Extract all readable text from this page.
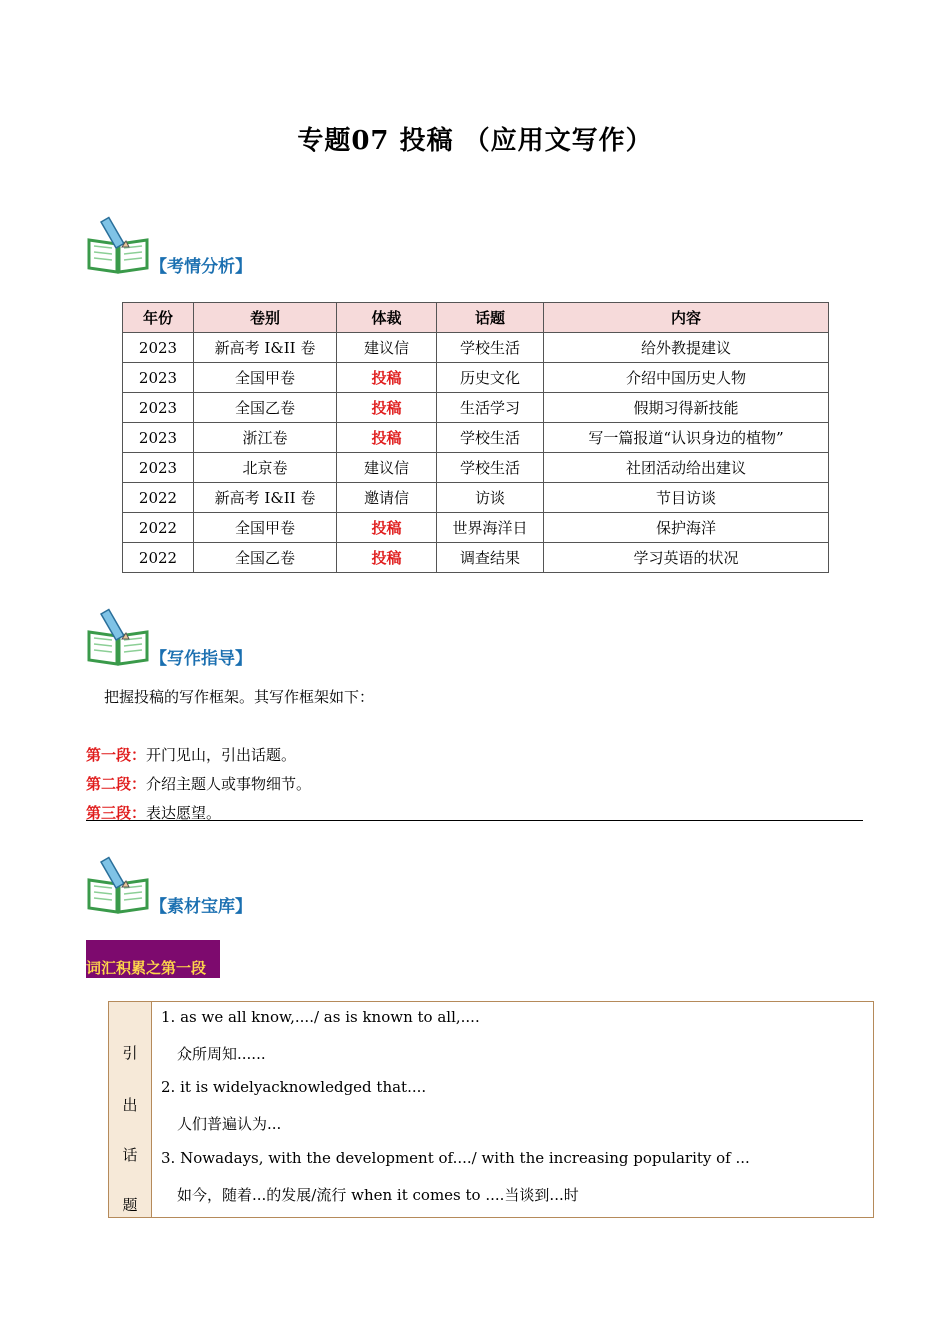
专题07 投稿 （应用文写作）
【考情分析】
年份	卷别	体裁	话题	内容
2023	新高考 I&II 卷	建议信	学校生活	给外教提建议
2023	全国甲卷	投稿	历史文化	介绍中国历史人物
2023	全国乙卷	投稿	生活学习	假期习得新技能
2023	浙江卷	投稿	学校生活	写一篇报道“认识身边的植物”
2023	北京卷	建议信	学校生活	社团活动给出建议
2022	新高考 I&II 卷	邀请信	访谈	节目访谈
2022	全国甲卷	投稿	世界海洋日	保护海洋
2022	全国乙卷	投稿	调查结果	学习英语的状况
【写作指导】
把握投稿的写作框架。其写作框架如下：
第一段：开门见山，引出话题。
第二段：介绍主题人或事物细节。
第三段：表达愿望。
【素材宝库】
词汇积累之第一段
引
出
话
题
1. as we all know,..../ as is known to all,....
众所周知......
2. it is widelyacknowledged that....
人们普遍认为...
3. Nowadays, with the development of..../ with the increasing popularity of ...
如今，随着...的发展/流行 when it comes to ....当谈到...时
